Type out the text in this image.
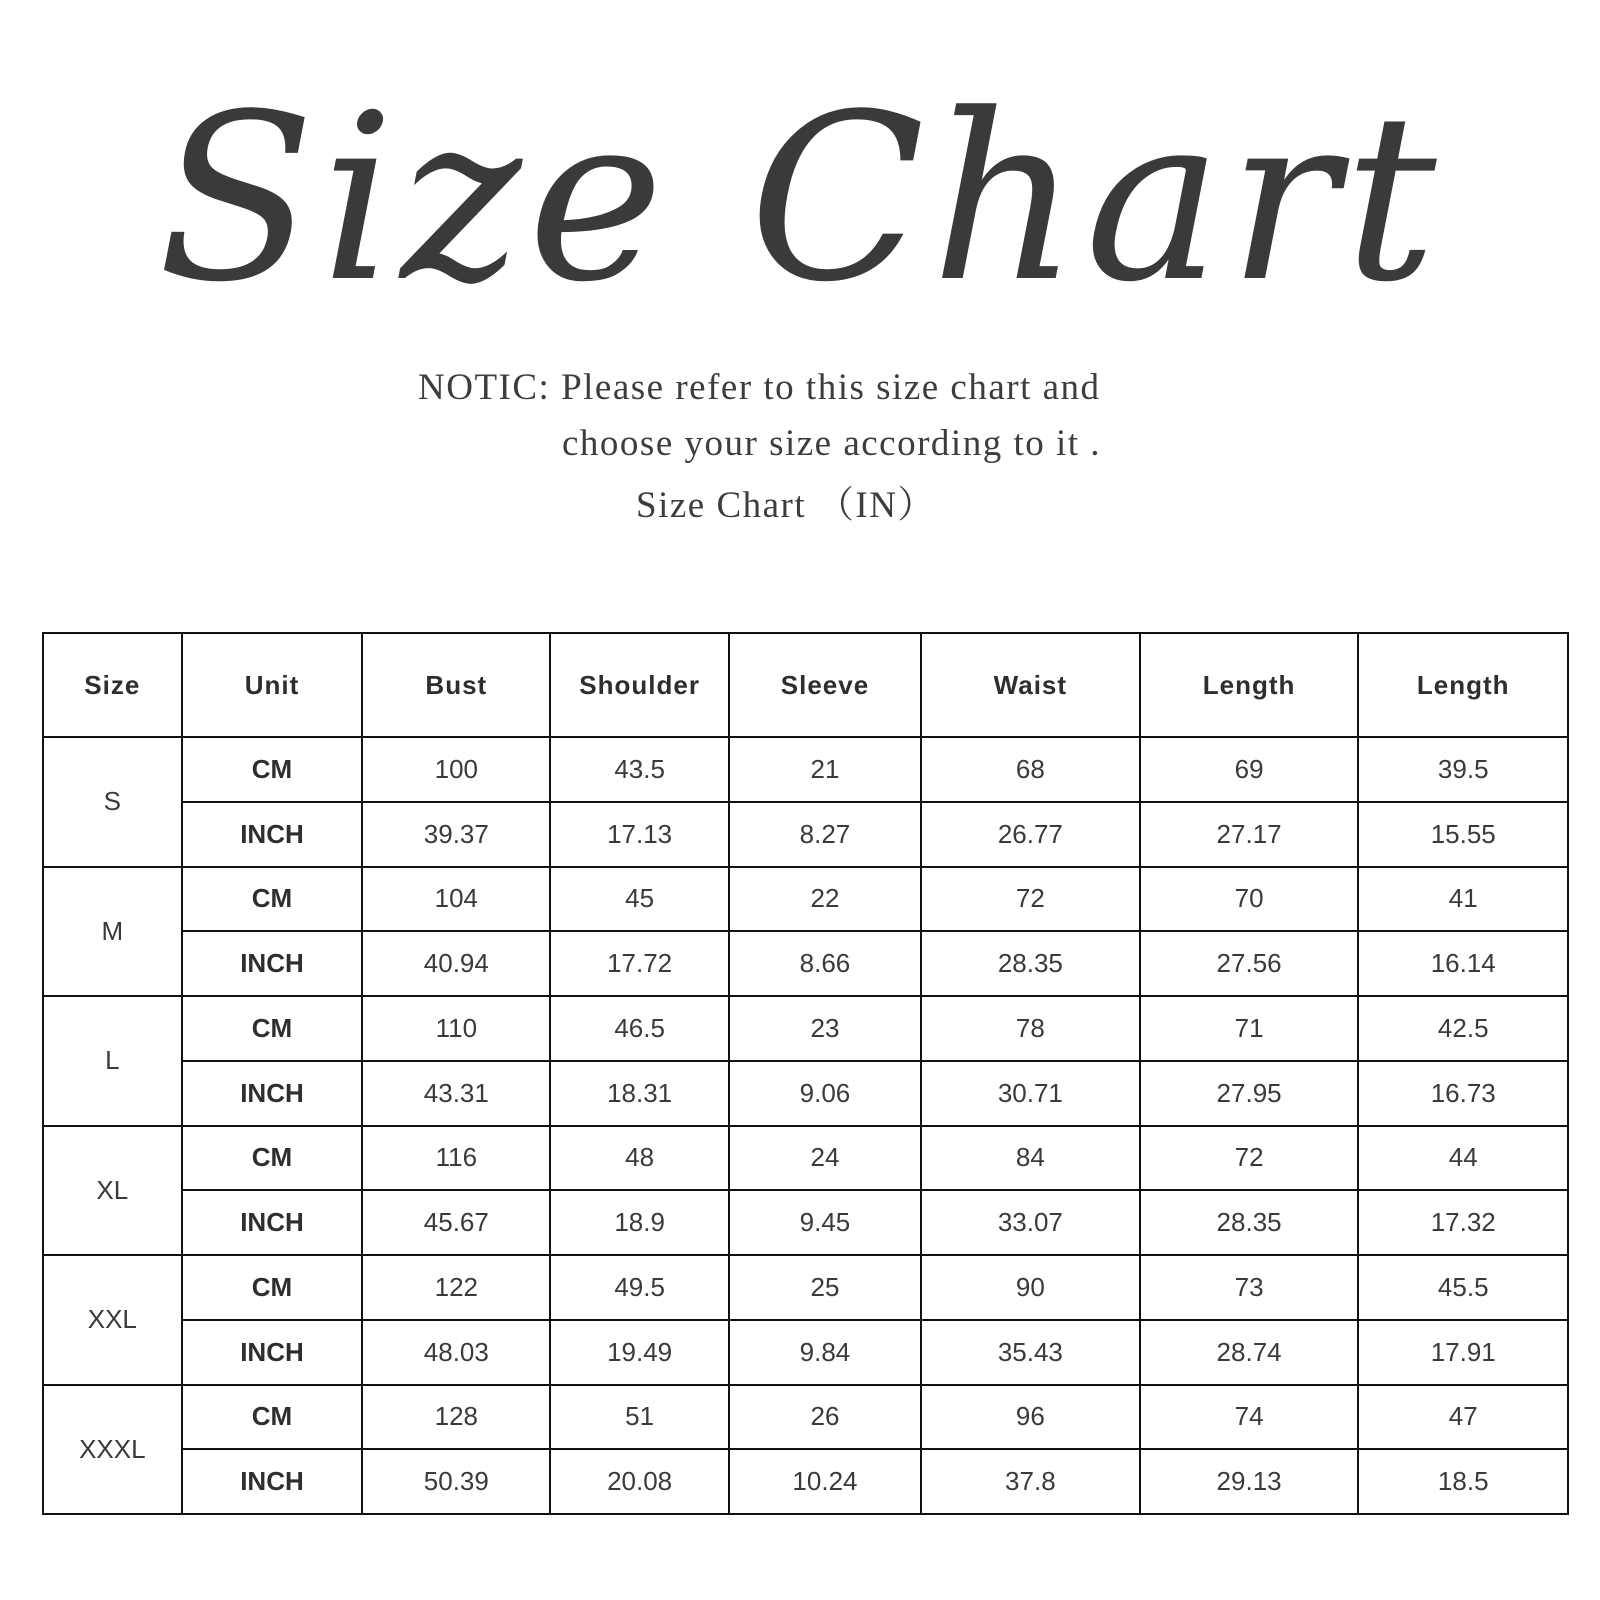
Size Chart
NOTIC: Please refer to this size chart and
choose your size according to it .
Size Chart （IN）
Size	Unit	Bust	Shoulder	Sleeve	Waist	Length	Length
S	CM	100	43.5	21	68	69	39.5
	INCH	39.37	17.13	8.27	26.77	27.17	15.55
M	CM	104	45	22	72	70	41
	INCH	40.94	17.72	8.66	28.35	27.56	16.14
L	CM	110	46.5	23	78	71	42.5
	INCH	43.31	18.31	9.06	30.71	27.95	16.73
XL	CM	116	48	24	84	72	44
	INCH	45.67	18.9	9.45	33.07	28.35	17.32
XXL	CM	122	49.5	25	90	73	45.5
	INCH	48.03	19.49	9.84	35.43	28.74	17.91
XXXL	CM	128	51	26	96	74	47
	INCH	50.39	20.08	10.24	37.8	29.13	18.5
